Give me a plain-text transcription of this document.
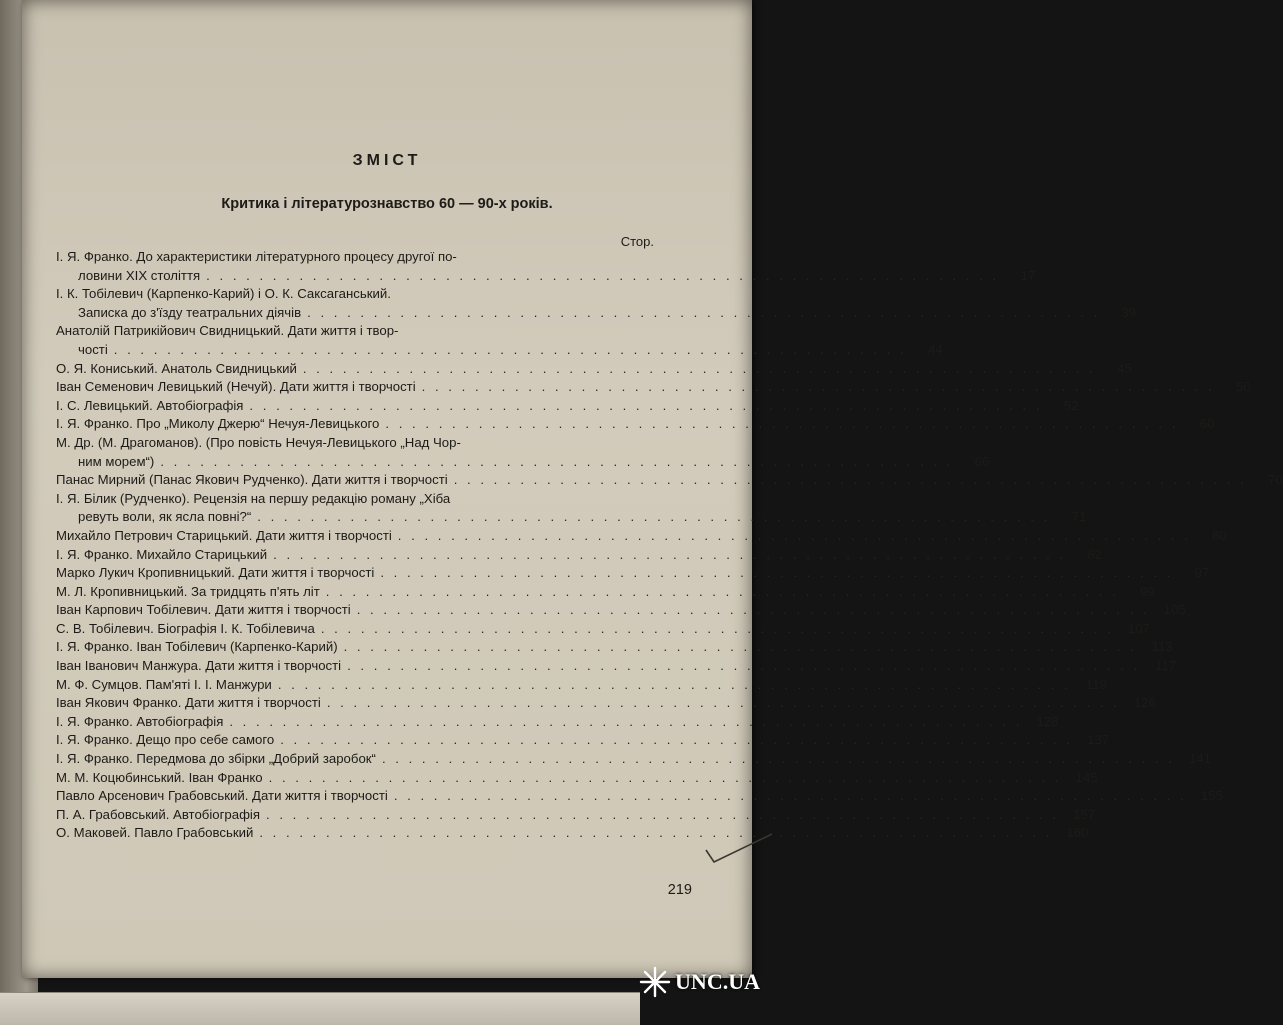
ЗМІСТ
Критика і літературознавство 60 — 90-х років.
Стор.
І. Я. Франко. До характеристики літературного процесу другої по-
ловини XIX століття . . .	17
І. К. Тобілевич (Карпенко-Карий) і О. К. Саксаганський.
Записка до з'їзду театральних діячів . . .	39
Анатолій Патрикійович Свидницький. Дати життя і твор-
чості . . .	44
О. Я. Кониський. Анатоль Свидницький . . .	45
Іван Семенович Левицький (Нечуй). Дати життя і творчості . . .	50
І. С. Левицький. Автобіографія . . .	52
І. Я. Франко. Про „Миколу Джерю“ Нечуя-Левицького . . .	60
М. Др. (М. Драгоманов). (Про повість Нечуя-Левицького „Над Чор-
ним морем“) . . .	66
Панас Мирний (Панас Якович Рудченко). Дати життя і творчості . . .	70
І. Я. Білик (Рудченко). Рецензія на першу редакцію роману „Хіба
ревуть воли, як ясла повні?“ . . .	71
Михайло Петрович Старицький. Дати життя і творчості . . .	80
І. Я. Франко. Михайло Старицький . . .	82
Марко Лукич Кропивницький. Дати життя і творчості . . .	97
М. Л. Кропивницький. За тридцять п'ять літ . . .	99
Іван Карпович Тобілевич. Дати життя і творчості . . .	105
С. В. Тобілевич. Біографія І. К. Тобілевича . . .	107
І. Я. Франко. Іван Тобілевич (Карпенко-Карий) . . .	113
Іван Іванович Манжура. Дати життя і творчості . . .	117
М. Ф. Сумцов. Пам'яті І. І. Манжури . . .	119
Іван Якович Франко. Дати життя і творчості . . .	126
І. Я. Франко. Автобіографія . . .	128
І. Я. Франко. Дещо про себе самого . . .	137
І. Я. Франко. Передмова до збірки „Добрий заробок“ . . .	141
М. М. Коцюбинський. Іван Франко . . .	145
Павло Арсенович Грабовський. Дати життя і творчості . . .	155
П. А. Грабовський. Автобіографія . . .	157
О. Маковей. Павло Грабовський . . .	160
219
UNC.UA
